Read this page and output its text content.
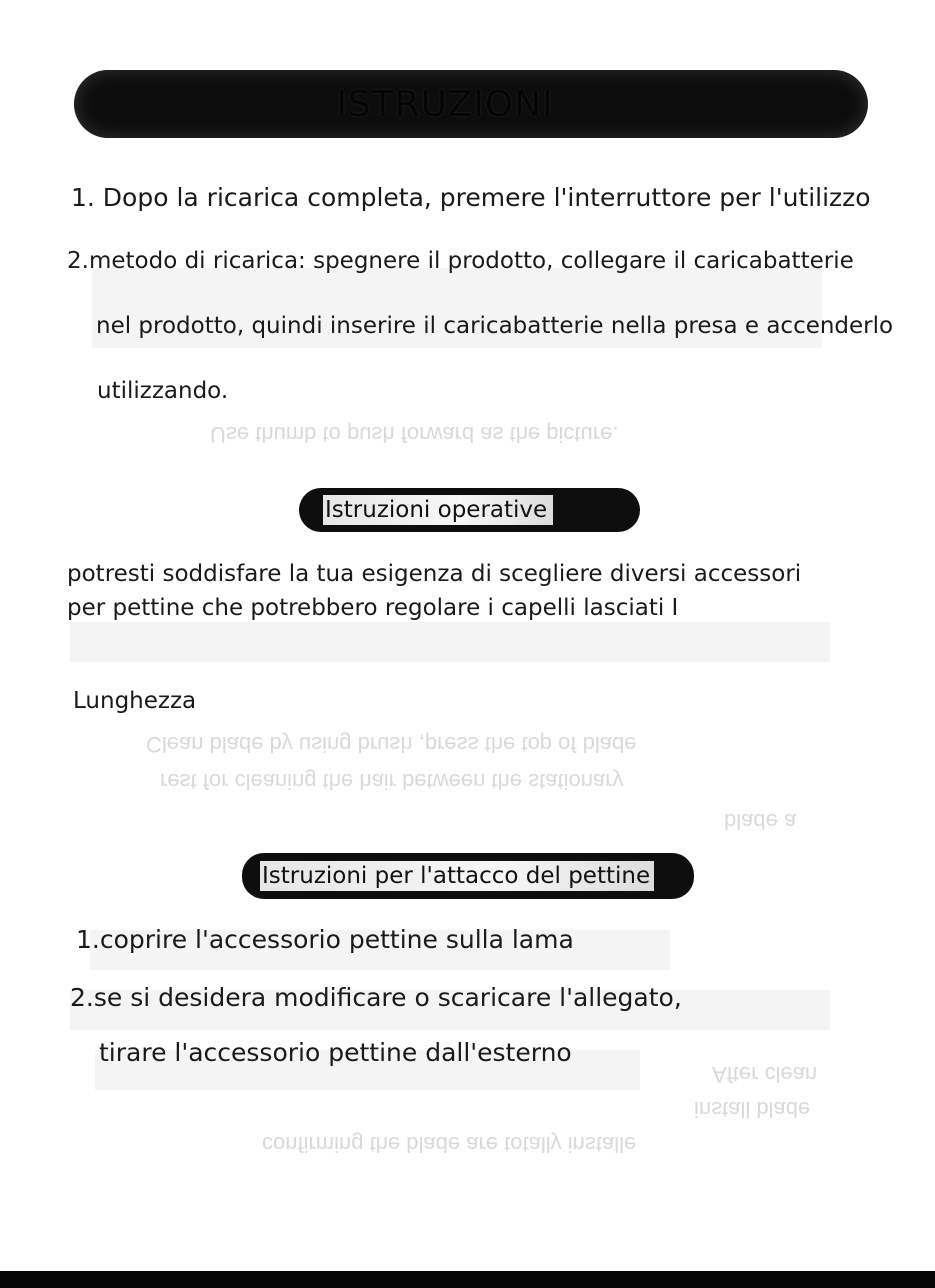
Use thumb to push forward as the picture.
Clean blade by using brush ,press the top of blade
rest for cleaning the hair between the stationary
blade a
After clean
install blade
confirming the blade are totally installe
ISTRUZIONI
1. Dopo la ricarica completa, premere l'interruttore per l'utilizzo
2.metodo di ricarica: spegnere il prodotto, collegare il caricabatterie
nel prodotto, quindi inserire il caricabatterie nella presa e accenderlo
utilizzando.
Istruzioni operative
potresti soddisfare la tua esigenza di scegliere diversi accessori
per pettine che potrebbero regolare i capelli lasciati I
Lunghezza
Istruzioni per l'attacco del pettine
1.coprire l'accessorio pettine sulla lama
2.se si desidera modificare o scaricare l'allegato,
tirare l'accessorio pettine dall'esterno
